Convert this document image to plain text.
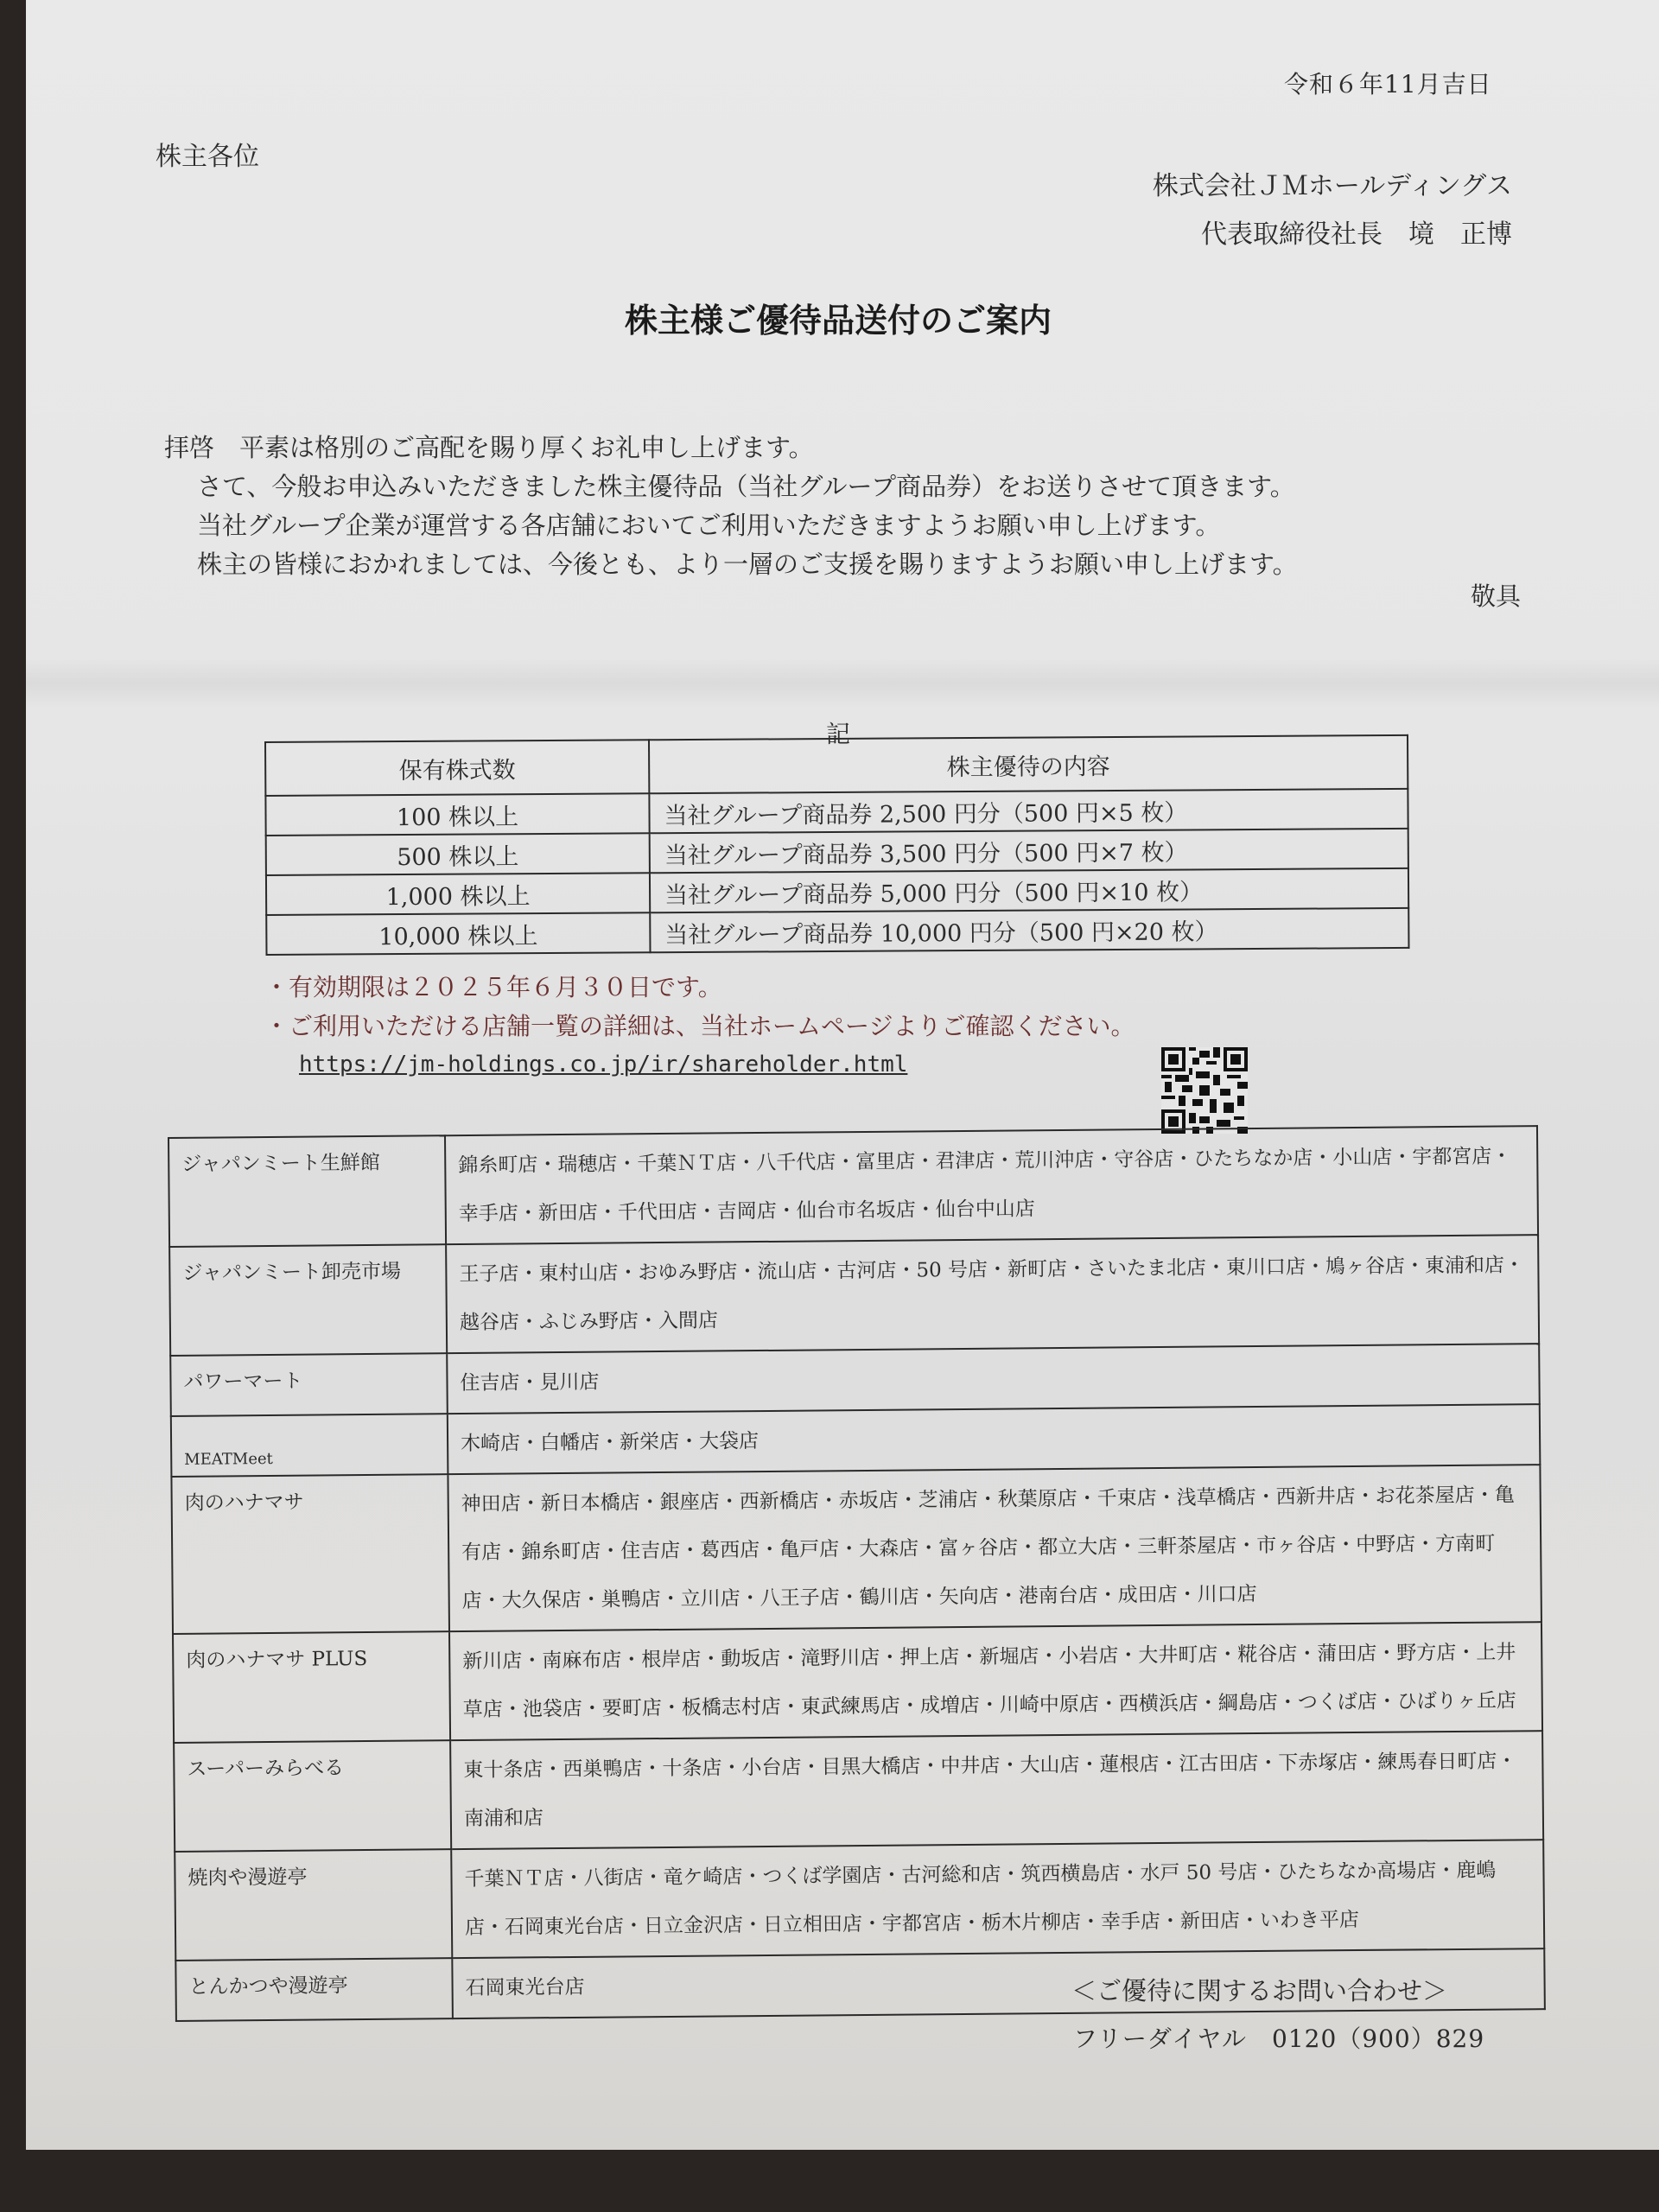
令和６年11月吉日
株主各位
株式会社ＪＭホールディングス
代表取締役社長　境　正博
株主様ご優待品送付のご案内
拝啓　平素は格別のご高配を賜り厚くお礼申し上げます。
さて、今般お申込みいただきました株主優待品（当社グループ商品券）をお送りさせて頂きます。
当社グループ企業が運営する各店舗においてご利用いただきますようお願い申し上げます。
株主の皆様におかれましては、今後とも、より一層のご支援を賜りますようお願い申し上げます。
敬具
記
保有株式数	株主優待の内容
100 株以上	当社グループ商品券 2,500 円分（500 円×5 枚）
500 株以上	当社グループ商品券 3,500 円分（500 円×7 枚）
1,000 株以上	当社グループ商品券 5,000 円分（500 円×10 枚）
10,000 株以上	当社グループ商品券 10,000 円分（500 円×20 枚）
・有効期限は２０２５年６月３０日です。
・ご利用いただける店舗一覧の詳細は、当社ホームページよりご確認ください。
https://jm-holdings.co.jp/ir/shareholder.html
ジャパンミート生鮮館	錦糸町店・瑞穂店・千葉ＮＴ店・八千代店・富里店・君津店・荒川沖店・守谷店・ひたちなか店・小山店・宇都宮店・幸手店・新田店・千代田店・吉岡店・仙台市名坂店・仙台中山店
ジャパンミート卸売市場	王子店・東村山店・おゆみ野店・流山店・古河店・50 号店・新町店・さいたま北店・東川口店・鳩ヶ谷店・東浦和店・越谷店・ふじみ野店・入間店
パワーマート	住吉店・見川店
MEATMeet	木崎店・白幡店・新栄店・大袋店
肉のハナマサ	神田店・新日本橋店・銀座店・西新橋店・赤坂店・芝浦店・秋葉原店・千束店・浅草橋店・西新井店・お花茶屋店・亀有店・錦糸町店・住吉店・葛西店・亀戸店・大森店・富ヶ谷店・都立大店・三軒茶屋店・市ヶ谷店・中野店・方南町店・大久保店・巣鴨店・立川店・八王子店・鶴川店・矢向店・港南台店・成田店・川口店
肉のハナマサ PLUS	新川店・南麻布店・根岸店・動坂店・滝野川店・押上店・新堀店・小岩店・大井町店・糀谷店・蒲田店・野方店・上井草店・池袋店・要町店・板橋志村店・東武練馬店・成増店・川崎中原店・西横浜店・綱島店・つくば店・ひばりヶ丘店
スーパーみらべる	東十条店・西巣鴨店・十条店・小台店・目黒大橋店・中井店・大山店・蓮根店・江古田店・下赤塚店・練馬春日町店・南浦和店
焼肉や漫遊亭	千葉ＮＴ店・八街店・竜ケ崎店・つくば学園店・古河総和店・筑西横島店・水戸 50 号店・ひたちなか高場店・鹿嶋店・石岡東光台店・日立金沢店・日立相田店・宇都宮店・栃木片柳店・幸手店・新田店・いわき平店
とんかつや漫遊亭	石岡東光台店	＜ご優待に関するお問い合わせ＞
フリーダイヤル　0120（900）829
